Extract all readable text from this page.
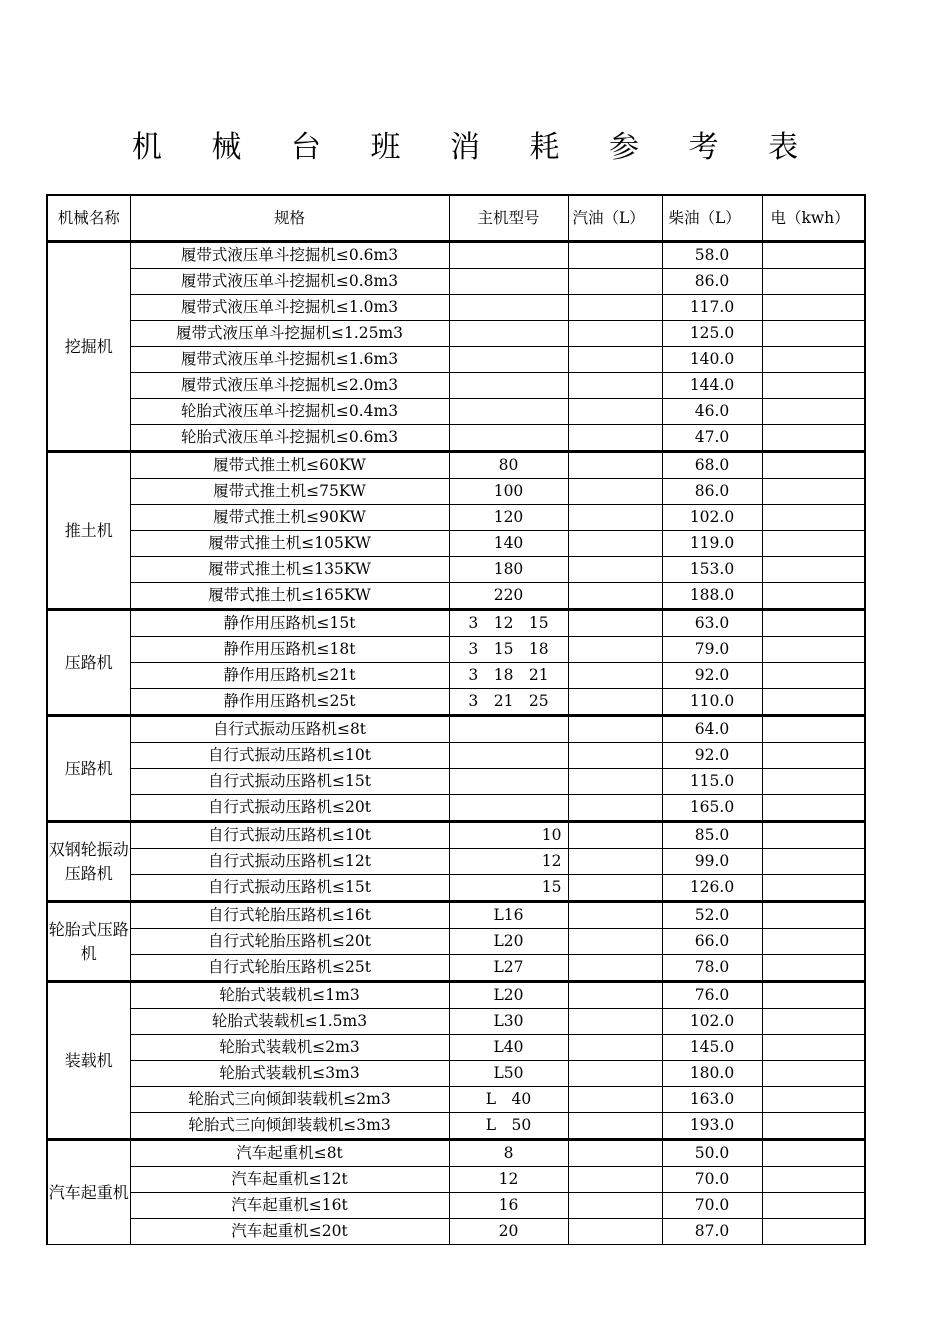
机 械 台 班 消 耗 参 考 表
机械名称	规格	主机型号	汽油（L）	柴油（L）	电（kwh）
挖掘机	履带式液压单斗挖掘机≤0.6m3			58.0	
	履带式液压单斗挖掘机≤0.8m3			86.0	
	履带式液压单斗挖掘机≤1.0m3			117.0	
	履带式液压单斗挖掘机≤1.25m3			125.0	
	履带式液压单斗挖掘机≤1.6m3			140.0	
	履带式液压单斗挖掘机≤2.0m3			144.0	
	轮胎式液压单斗挖掘机≤0.4m3			46.0	
	轮胎式液压单斗挖掘机≤0.6m3			47.0	
推土机	履带式推土机≤60KW	80		68.0	
	履带式推土机≤75KW	100		86.0	
	履带式推土机≤90KW	120		102.0	
	履带式推土机≤105KW	140		119.0	
	履带式推土机≤135KW	180		153.0	
	履带式推土机≤165KW	220		188.0	
压路机	静作用压路机≤15t	3　12　15		63.0	
	静作用压路机≤18t	3　15　18		79.0	
	静作用压路机≤21t	3　18　21		92.0	
	静作用压路机≤25t	3　21　25		110.0	
压路机	自行式振动压路机≤8t			64.0	
	自行式振动压路机≤10t			92.0	
	自行式振动压路机≤15t			115.0	
	自行式振动压路机≤20t			165.0	
双钢轮振动压路机	自行式振动压路机≤10t	10		85.0	
	自行式振动压路机≤12t	12		99.0	
	自行式振动压路机≤15t	15		126.0	
轮胎式压路机	自行式轮胎压路机≤16t	L16		52.0	
	自行式轮胎压路机≤20t	L20		66.0	
	自行式轮胎压路机≤25t	L27		78.0	
装载机	轮胎式装载机≤1m3	L20		76.0	
	轮胎式装载机≤1.5m3	L30		102.0	
	轮胎式装载机≤2m3	L40		145.0	
	轮胎式装载机≤3m3	L50		180.0	
	轮胎式三向倾卸装载机≤2m3	L　40		163.0	
	轮胎式三向倾卸装载机≤3m3	L　50		193.0	
汽车起重机	汽车起重机≤8t	8		50.0	
	汽车起重机≤12t	12		70.0	
	汽车起重机≤16t	16		70.0	
	汽车起重机≤20t	20		87.0	
